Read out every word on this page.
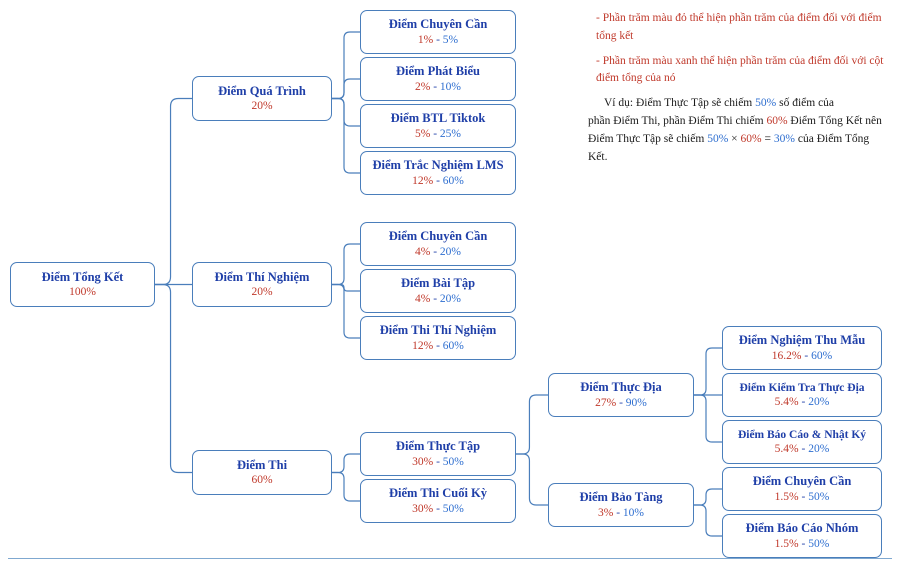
Điểm Tổng Kết
100%
Điểm Quá Trình
20%
Điểm Thí Nghiệm
20%
Điểm Thi
60%
Điểm Chuyên Cần
1% - 5%
Điểm Phát Biểu
2% - 10%
Điểm BTL Tiktok
5% - 25%
Điểm Trắc Nghiệm LMS
12% - 60%
Điểm Chuyên Cần
4% - 20%
Điểm Bài Tập
4% - 20%
Điểm Thi Thí Nghiệm
12% - 60%
Điểm Thực Tập
30% - 50%
Điểm Thi Cuối Kỳ
30% - 50%
Điểm Thực Địa
27% - 90%
Điểm Bảo Tàng
3% - 10%
Điểm Nghiệm Thu Mẫu
16.2% - 60%
Điểm Kiểm Tra Thực Địa
5.4% - 20%
Điểm Báo Cáo & Nhật Ký
5.4% - 20%
Điểm Chuyên Cần
1.5% - 50%
Điểm Báo Cáo Nhóm
1.5% - 50%
- Phần trăm màu đỏ thể hiện phần trăm của điểm đối với điểm tổng kết
- Phần trăm màu xanh thể hiện phần trăm của điểm đối với cột điểm tổng của nó
Ví dụ: Điểm Thực Tập sẽ chiếm 50% số điểm của
phần Điểm Thi, phần Điểm Thi chiếm 60% Điểm Tổng Kết nên Điểm Thực Tập sẽ chiếm 50% × 60% = 30% của Điểm Tổng Kết.
